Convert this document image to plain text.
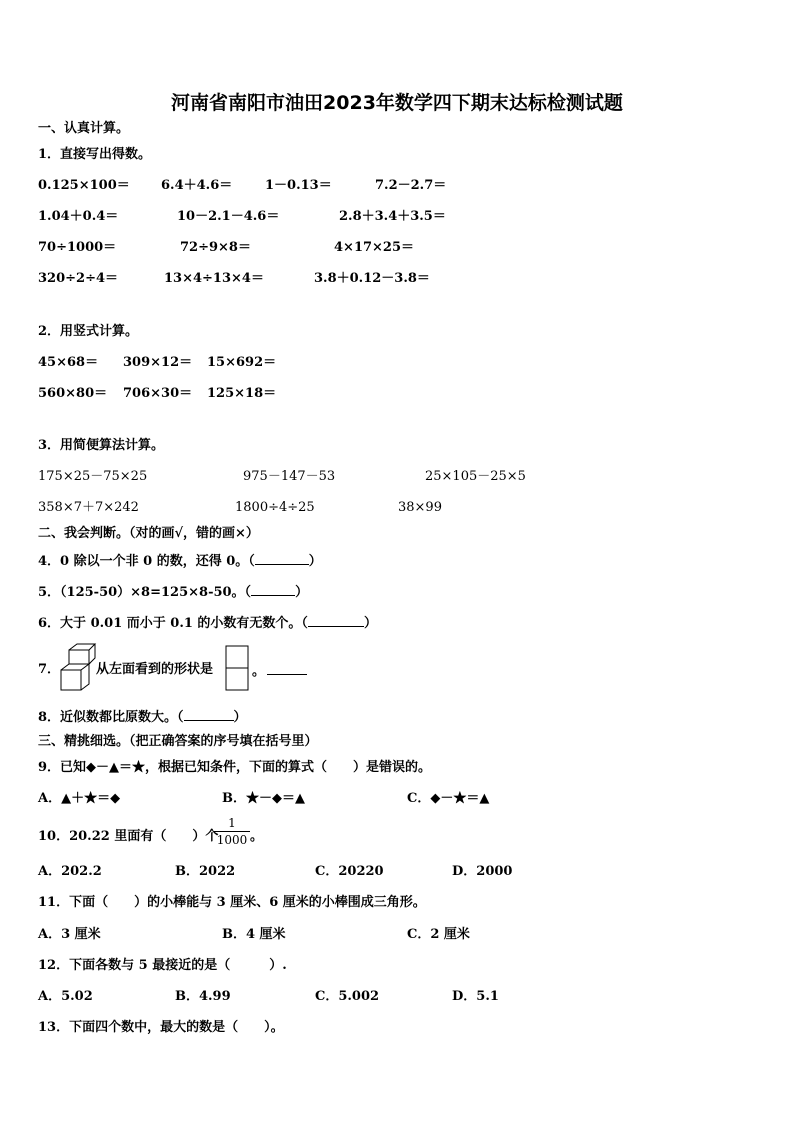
河南省南阳市油田2023年数学四下期末达标检测试题
一、认真计算。
1．直接写出得数。
0.125×100＝ 6.4＋4.6＝	1－0.13＝	7.2－2.7＝
1.04＋0.4＝	10－2.1－4.6＝	2.8＋3.4＋3.5＝
70÷1000＝	72÷9×8＝	4×17×25＝
320÷2÷4＝	13×4÷13×4＝	3.8＋0.12－3.8＝
2．用竖式计算。
45×68＝ 309×12＝ 15×692＝
560×80＝ 706×30＝ 125×18＝
3．用简便算法计算。
175×25－75×25	975－147－53	25×105－25×5
358×7＋7×242	1800÷4÷25	38×99
二、我会判断。（对的画√，错的画×）
4．0 除以一个非 0 的数，还得 0。（	）
5．（125-50）×8=125×8-50。（	）
6．大于 0.01 而小于 0.1 的小数有无数个。（	）
7．	从左面看到的形状是	。
8．近似数都比原数大。（	）
三、精挑细选。（把正确答案的序号填在括号里）
9．已知◆－▲＝★，根据已知条件，下面的算式（　　）是错误的。
A．▲＋★＝◆	B．★－◆＝▲	C．◆－★＝▲
10．20.22 里面有（　　）个
1
1000 。
A．202.2	B．2022	C．20220	D．2000
11．下面（　　）的小棒能与 3 厘米、6 厘米的小棒围成三角形。
A．3 厘米	B．4 厘米	C．2 厘米
12．下面各数与 5 最接近的是（　　　）.
A．5.02	B．4.99	C．5.002	D．5.1
13．下面四个数中，最大的数是（　　）。
